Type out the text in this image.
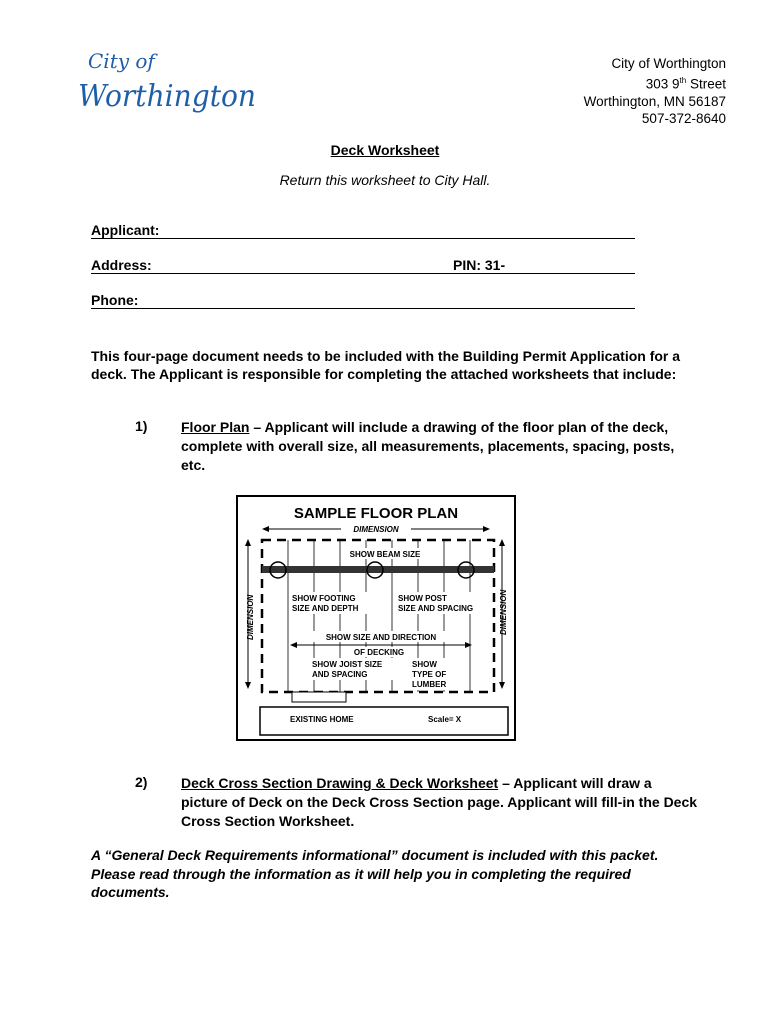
City of
Worthington
City of Worthington
303 9th Street
Worthington, MN 56187
507-372-8640
Deck Worksheet
Return this worksheet to City Hall.
Applicant:
Address:	PIN: 31-
Phone:
This four-page document needs to be included with the Building Permit Application for a deck. The Applicant is responsible for completing the attached worksheets that include:
1) Floor Plan – Applicant will include a drawing of the floor plan of the deck, complete with overall size, all measurements, placements, spacing, posts, etc.
SAMPLE FLOOR PLAN
DIMENSION
SHOW BEAM SIZE
DIMENSION	DIMENSION
SHOW FOOTING
SIZE AND DEPTH
SHOW POST
SIZE AND SPACING
SHOW SIZE AND DIRECTION
OF DECKING
SHOW JOIST SIZE
AND SPACING
SHOW
TYPE OF
LUMBER
EXISTING HOME	Scale= X
2) Deck Cross Section Drawing & Deck Worksheet – Applicant will draw a picture of Deck on the Deck Cross Section page. Applicant will fill-in the Deck Cross Section Worksheet.
A “General Deck Requirements informational” document is included with this packet. Please read through the information as it will help you in completing the required documents.
